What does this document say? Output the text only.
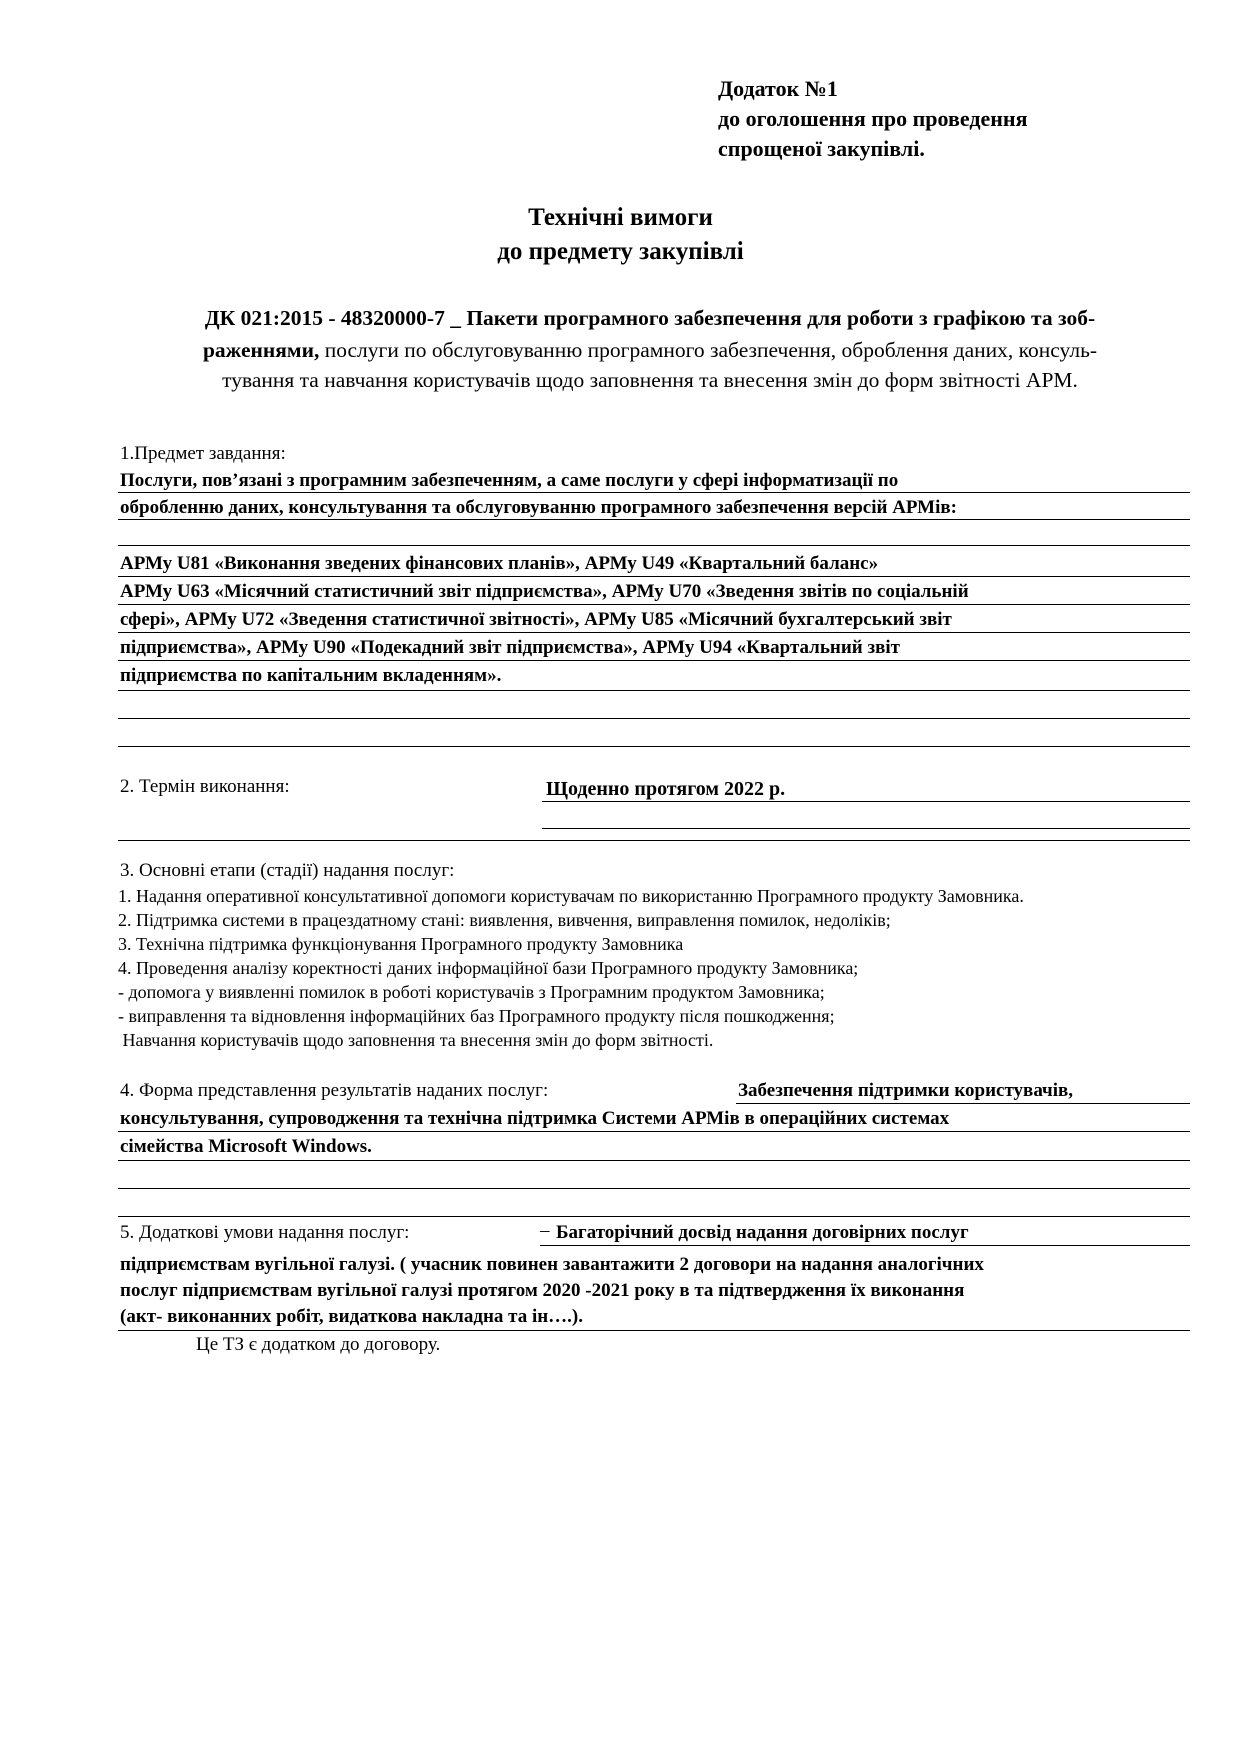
Додаток №1
до оголошення про проведення
спрощеної закупівлі.
Технічні вимоги
до предмету закупівлі
ДК 021:2015 - 48320000-7 _ Пакети програмного забезпечення для роботи з графікою та зоб-
раженнями, послуги по обслуговуванню програмного забезпечення, оброблення даних, консуль-
тування та навчання користувачів щодо заповнення та внесення змін до форм звітності АРМ.
1.Предмет завдання:
Послуги, пов’язані з програмним забезпеченням, а саме послуги у сфері інформатизації по
обробленню даних, консультування та обслуговуванню програмного забезпечення версій АРМів:
АРМу U81 «Виконання зведених фінансових планів», АРМу U49 «Квартальний баланс»
АРМу U63 «Місячний статистичний звіт підприємства», АРМу U70 «Зведення звітів по соціальній
сфері», АРМу U72 «Зведення статистичної звітності», АРМу U85 «Місячний бухгалтерський звіт
підприємства», АРМу U90 «Подекадний звіт підприємства», АРМу U94 «Квартальний звіт
підприємства по капітальним вкладенням».
2. Термін виконання:	Щоденно протягом 2022 р.
3. Основні етапи (стадії) надання послуг:
1. Надання оперативної консультативної допомоги користувачам по використанню Програмного продукту Замовника.
2. Підтримка системи в працездатному стані: виявлення, вивчення, виправлення помилок, недоліків;
3. Технічна підтримка функціонування Програмного продукту Замовника
4. Проведення аналізу коректності даних інформаційної бази Програмного продукту Замовника;
- допомога у виявленні помилок в роботі користувачів з Програмним продуктом Замовника;
- виправлення та відновлення інформаційних баз Програмного продукту після пошкодження;
Навчання користувачів щодо заповнення та внесення змін до форм звітності.
4. Форма представлення результатів наданих послуг:	Забезпечення підтримки користувачів,
консультування, супроводження та технічна підтримка Системи АРМів в операційних системах
сімейства Microsoft Windows.
5. Додаткові умови надання послуг:	– Багаторічний досвід надання договірних послуг
підприємствам вугільної галузі. ( учасник повинен завантажити 2 договори на надання аналогічних
послуг підприємствам вугільної галузі протягом 2020 -2021 року в та підтвердження їх виконання
(акт- виконанних робіт, видаткова накладна та ін….).
Це ТЗ є додатком до договору.
